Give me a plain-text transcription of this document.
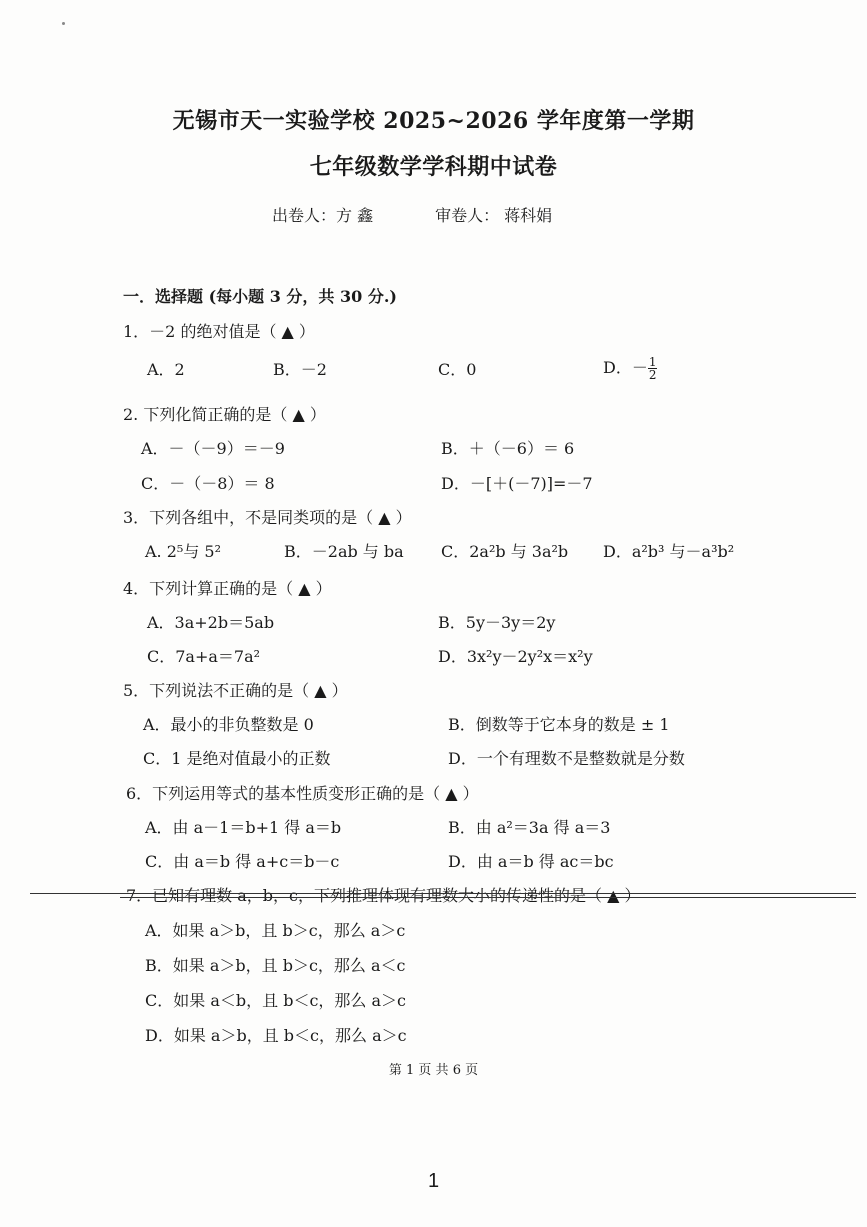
无锡市天一实验学校 2025~2026 学年度第一学期
七年级数学学科期中试卷
出卷人：方 鑫	审卷人： 蒋科娟
一．选择题 (每小题 3 分，共 30 分.)
1．－2 的绝对值是（ ▲ ）
A．2	B．－2	C．0	D．－ $\frac{1}{2}$
2. 下列化简正确的是（ ▲ ）
A．－（－9）＝－9	B．＋（－6）＝ 6
C．－（－8）＝ 8	D．－[＋(－7)]=－7
3．下列各组中，不是同类项的是（ ▲ ）
A. 2⁵与 5²	B．－2ab 与 ba C．2a²b 与 3a²b D．a²b³ 与－a³b²
4．下列计算正确的是（ ▲ ）
A．3a+2b＝5ab	B．5y－3y＝2y
C．7a+a＝7a²	D．3x²y－2y²x＝x²y
5．下列说法不正确的是（ ▲ ）
A．最小的非负整数是 0	B．倒数等于它本身的数是 ± 1
C．1 是绝对值最小的正数	D．一个有理数不是整数就是分数
6．下列运用等式的基本性质变形正确的是（ ▲ ）
A．由 a－1＝b+1 得 a＝b	B．由 a²＝3a 得 a＝3
C．由 a＝b 得 a+c＝b－c	D．由 a＝b 得 ac＝bc
7．已知有理数 a，b，c，下列推理体现有理数大小的传递性的是（ ▲ ）
A．如果 a＞b，且 b＞c，那么 a＞c
B．如果 a＞b，且 b＞c，那么 a＜c
C．如果 a＜b，且 b＜c，那么 a＞c
D．如果 a＞b，且 b＜c，那么 a＞c
第 1 页 共 6 页
1
